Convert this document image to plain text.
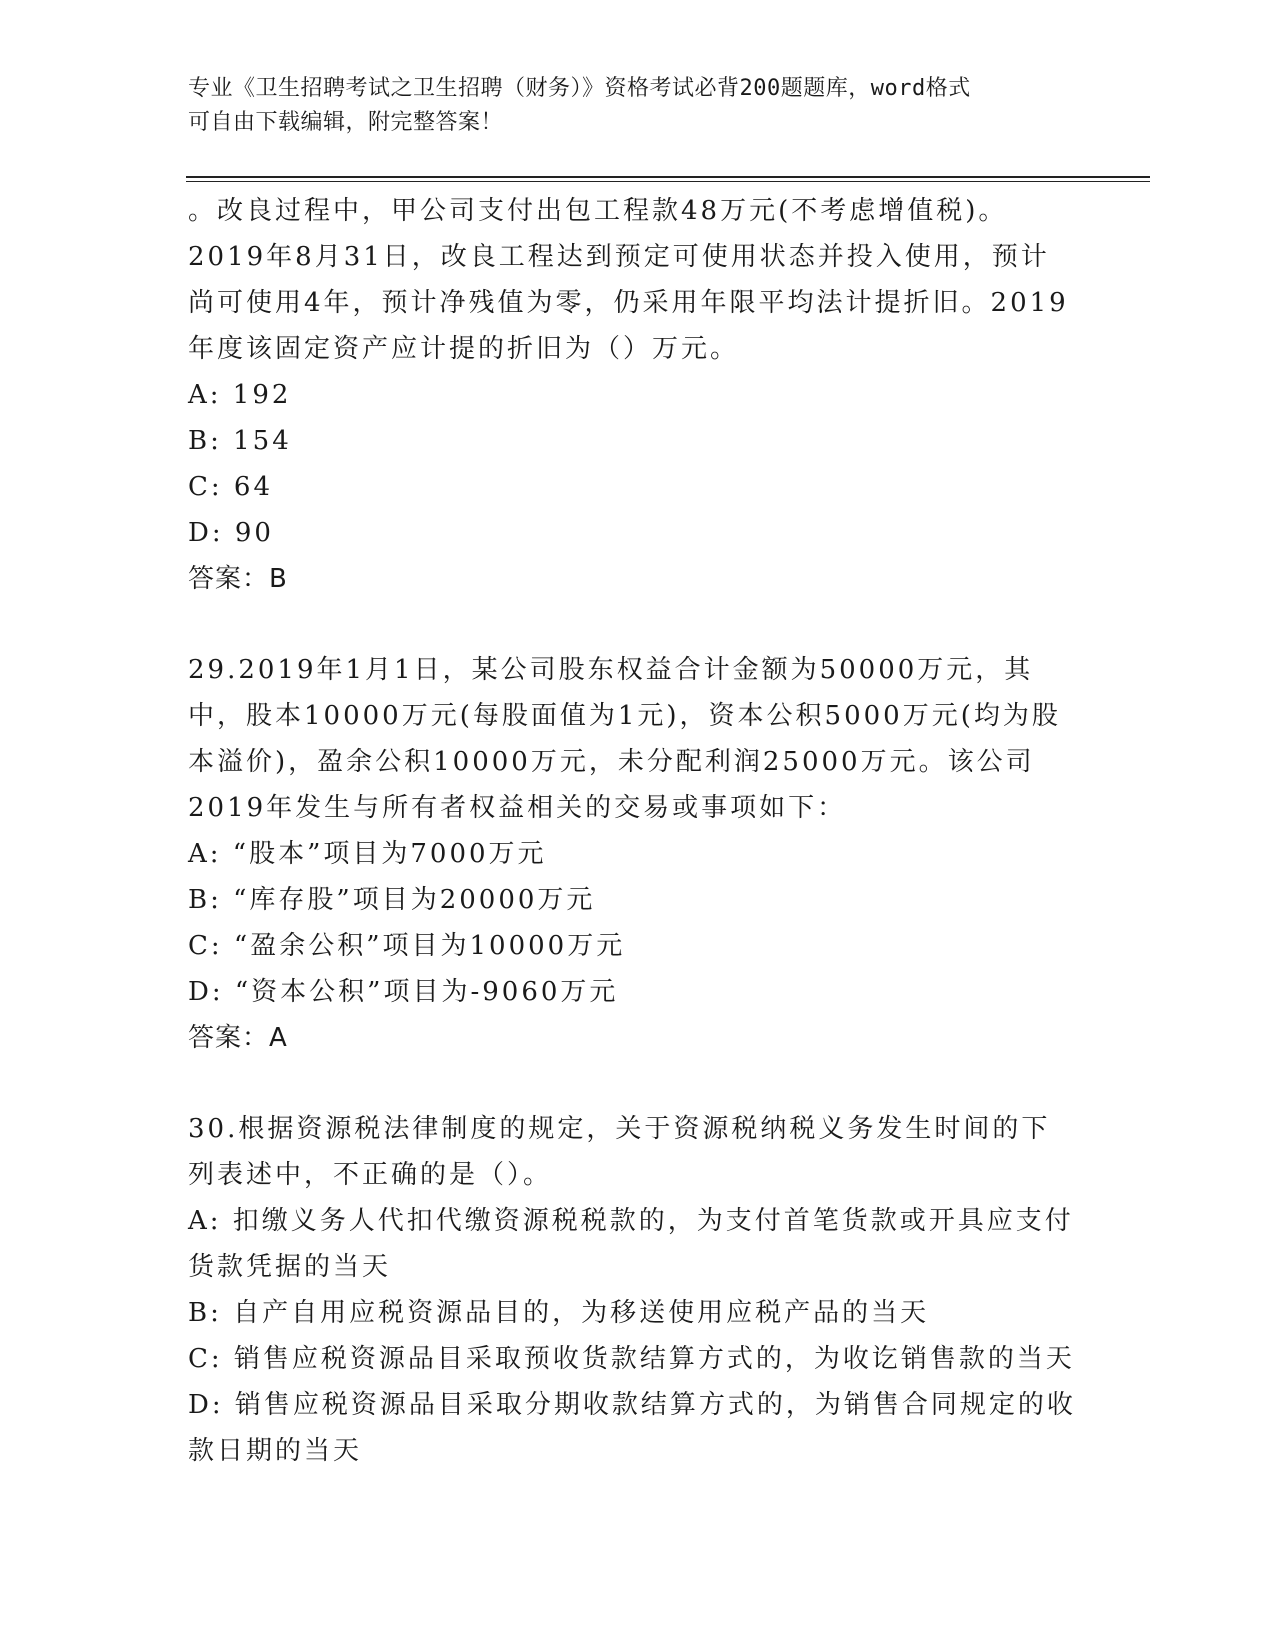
专业《卫生招聘考试之卫生招聘（财务）》资格考试必背200题题库，word格式
可自由下载编辑，附完整答案！

。改良过程中，甲公司支付出包工程款48万元(不考虑增值税)。2019年8月31日，改良工程达到预定可使用状态并投入使用，预计尚可使用4年，预计净残值为零，仍采用年限平均法计提折旧。2019年度该固定资产应计提的折旧为（）万元。

A: 192

B: 154

C: 64

D: 90

答案：B

29.2019年1月1日，某公司股东权益合计金额为50000万元，其中，股本10000万元(每股面值为1元)，资本公积5000万元(均为股本溢价)，盈余公积10000万元，未分配利润25000万元。该公司2019年发生与所有者权益相关的交易或事项如下：

A: “股本”项目为7000万元

B: “库存股”项目为20000万元

C: “盈余公积”项目为10000万元

D: “资本公积”项目为-9060万元

答案：A

30.根据资源税法律制度的规定，关于资源税纳税义务发生时间的下列表述中，不正确的是（）。

A: 扣缴义务人代扣代缴资源税税款的，为支付首笔货款或开具应支付货款凭据的当天

B: 自产自用应税资源品目的，为移送使用应税产品的当天

C: 销售应税资源品目采取预收货款结算方式的，为收讫销售款的当天

D: 销售应税资源品目采取分期收款结算方式的，为销售合同规定的收款日期的当天
